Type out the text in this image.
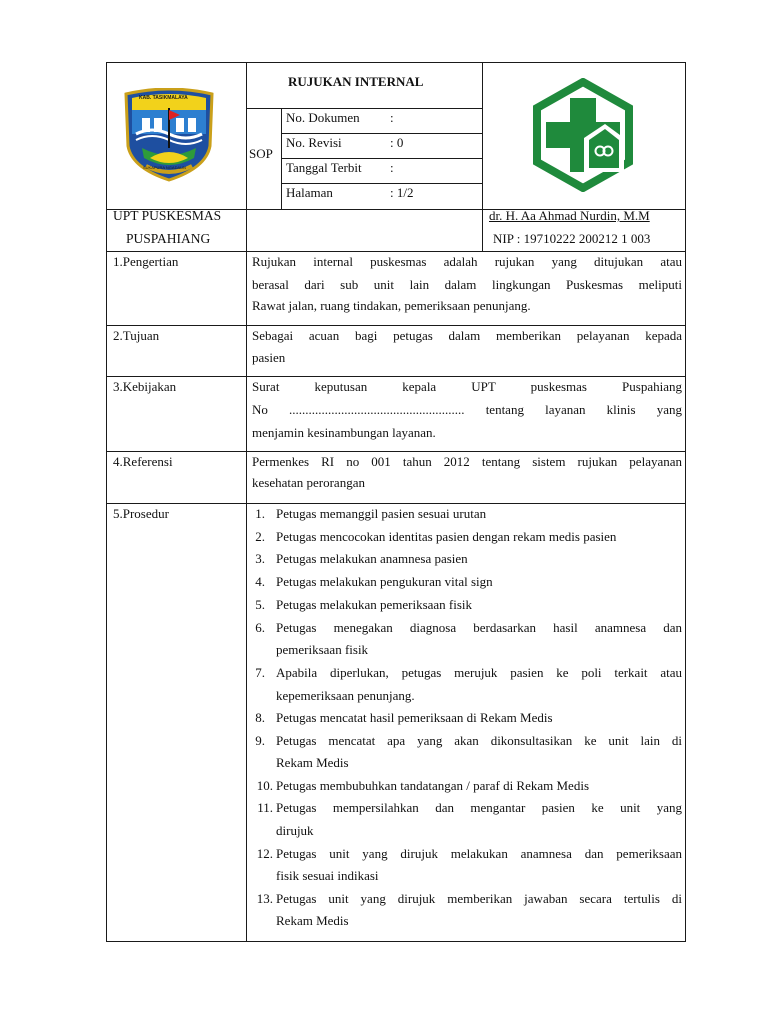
KAB. TASIKMALAYA
SUKAPURA NGADAUN
RUJUKAN INTERNAL
SOP
No. Dokumen :
No. Revisi	: 0
Tanggal Terbit :
Halaman	: 1/2
UPT PUSKESMAS
PUSPAHIANG
dr. H. Aa Ahmad Nurdin, M.M
NIP : 19710222 200212 1 003
1.Pengertian	Rujukan internal puskesmas adalah rujukan yang ditujukan atau
berasal dari sub unit lain dalam lingkungan Puskesmas meliputi
Rawat jalan, ruang tindakan, pemeriksaan penunjang.
2.Tujuan	Sebagai acuan bagi petugas dalam memberikan pelayanan kepada
pasien
3.Kebijakan	Surat keputusan kepala UPT puskesmas Puspahiang
No ...................................................... tentang layanan klinis yang
menjamin kesinambungan layanan.
4.Referensi	Permenkes RI no 001 tahun 2012 tentang sistem rujukan pelayanan
kesehatan perorangan
5.Prosedur	1. Petugas memanggil pasien sesuai urutan
2. Petugas mencocokan identitas pasien dengan rekam medis pasien
3. Petugas melakukan anamnesa pasien
4. Petugas melakukan pengukuran vital sign
5. Petugas melakukan pemeriksaan fisik
6. Petugas menegakan diagnosa berdasarkan hasil anamnesa dan
pemeriksaan fisik
7. Apabila diperlukan, petugas merujuk pasien ke poli terkait atau
kepemeriksaan penunjang.
8. Petugas mencatat hasil pemeriksaan di Rekam Medis
9. Petugas mencatat apa yang akan dikonsultasikan ke unit lain di
Rekam Medis
10. Petugas membubuhkan tandatangan / paraf di Rekam Medis
11. Petugas mempersilahkan dan mengantar pasien ke unit yang
dirujuk
12. Petugas unit yang dirujuk melakukan anamnesa dan pemeriksaan
fisik sesuai indikasi
13. Petugas unit yang dirujuk memberikan jawaban secara tertulis di
Rekam Medis
